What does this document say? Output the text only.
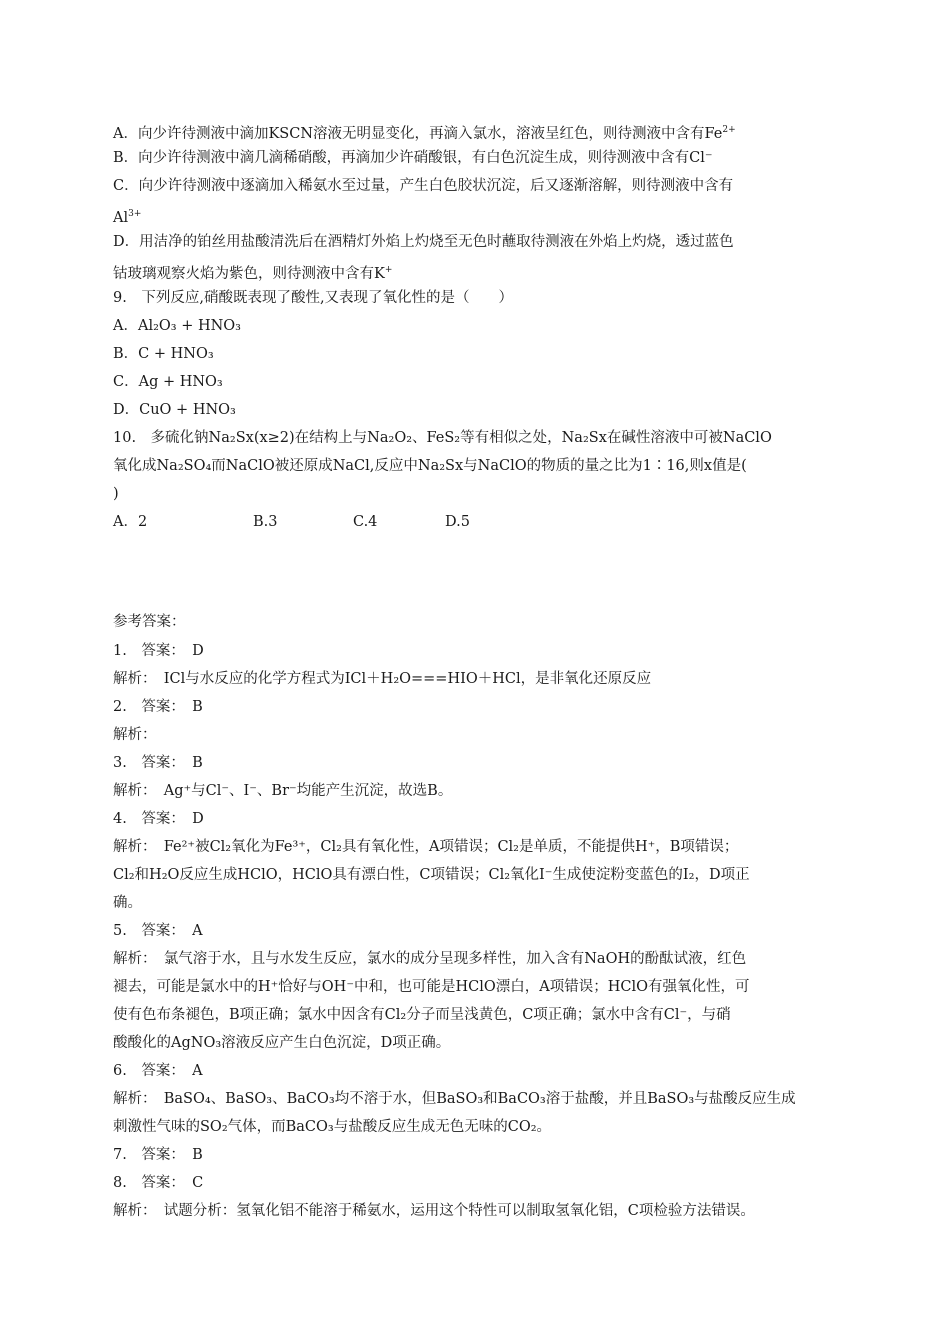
A．向少许待测液中滴加KSCN溶液无明显变化，再滴入氯水，溶液呈红色，则待测液中含有$Fe^{2+}$
B．向少许待测液中滴几滴稀硝酸，再滴加少许硝酸银，有白色沉淀生成，则待测液中含有Cl⁻
C．向少许待测液中逐滴加入稀氨水至过量，产生白色胶状沉淀，后又逐渐溶解，则待测液中含有
$Al^{3+}$
D．用洁净的铂丝用盐酸清洗后在酒精灯外焰上灼烧至无色时蘸取待测液在外焰上灼烧，透过蓝色
钴玻璃观察火焰为紫色，则待测液中含有K+
9.　下列反应,硝酸既表现了酸性,又表现了氧化性的是（　　）
A．Al₂O₃ + HNO₃
B．C + HNO₃
C．Ag + HNO₃
D．CuO + HNO₃
10.　多硫化钠Na₂Sx(x≥2)在结构上与Na₂O₂、FeS₂等有相似之处，Na₂Sx在碱性溶液中可被NaClO
氧化成Na₂SO₄而NaClO被还原成NaCl,反应中Na₂Sx与NaClO的物质的量之比为1∶16,则x值是(
)
A．2	B.3	C.4	D.5
参考答案：
1.　答案：　D
解析：　ICl与水反应的化学方程式为ICl＋H₂O===HIO＋HCl，是非氧化还原反应
2.　答案：　B
解析：
3.　答案：　B
解析：　Ag⁺与Cl⁻、I⁻、Br⁻均能产生沉淀，故选B。
4.　答案：　D
解析：　Fe²⁺被Cl₂氧化为Fe³⁺，Cl₂具有氧化性，A项错误；Cl₂是单质，不能提供H⁺，B项错误；
Cl₂和H₂O反应生成HClO，HClO具有漂白性，C项错误；Cl₂氧化I⁻生成使淀粉变蓝色的I₂，D项正
确。
5.　答案：　A
解析：　氯气溶于水，且与水发生反应，氯水的成分呈现多样性，加入含有NaOH的酚酞试液，红色
褪去，可能是氯水中的H⁺恰好与OH⁻中和，也可能是HClO漂白，A项错误；HClO有强氧化性，可
使有色布条褪色，B项正确；氯水中因含有Cl₂分子而呈浅黄色，C项正确；氯水中含有Cl⁻，与硝
酸酸化的AgNO₃溶液反应产生白色沉淀，D项正确。
6.　答案：　A
解析：　BaSO₄、BaSO₃、BaCO₃均不溶于水，但BaSO₃和BaCO₃溶于盐酸，并且BaSO₃与盐酸反应生成
刺激性气味的SO₂气体，而BaCO₃与盐酸反应生成无色无味的CO₂。
7.　答案：　B
8.　答案：　C
解析：　试题分析：氢氧化铝不能溶于稀氨水，运用这个特性可以制取氢氧化铝，C项检验方法错误。
